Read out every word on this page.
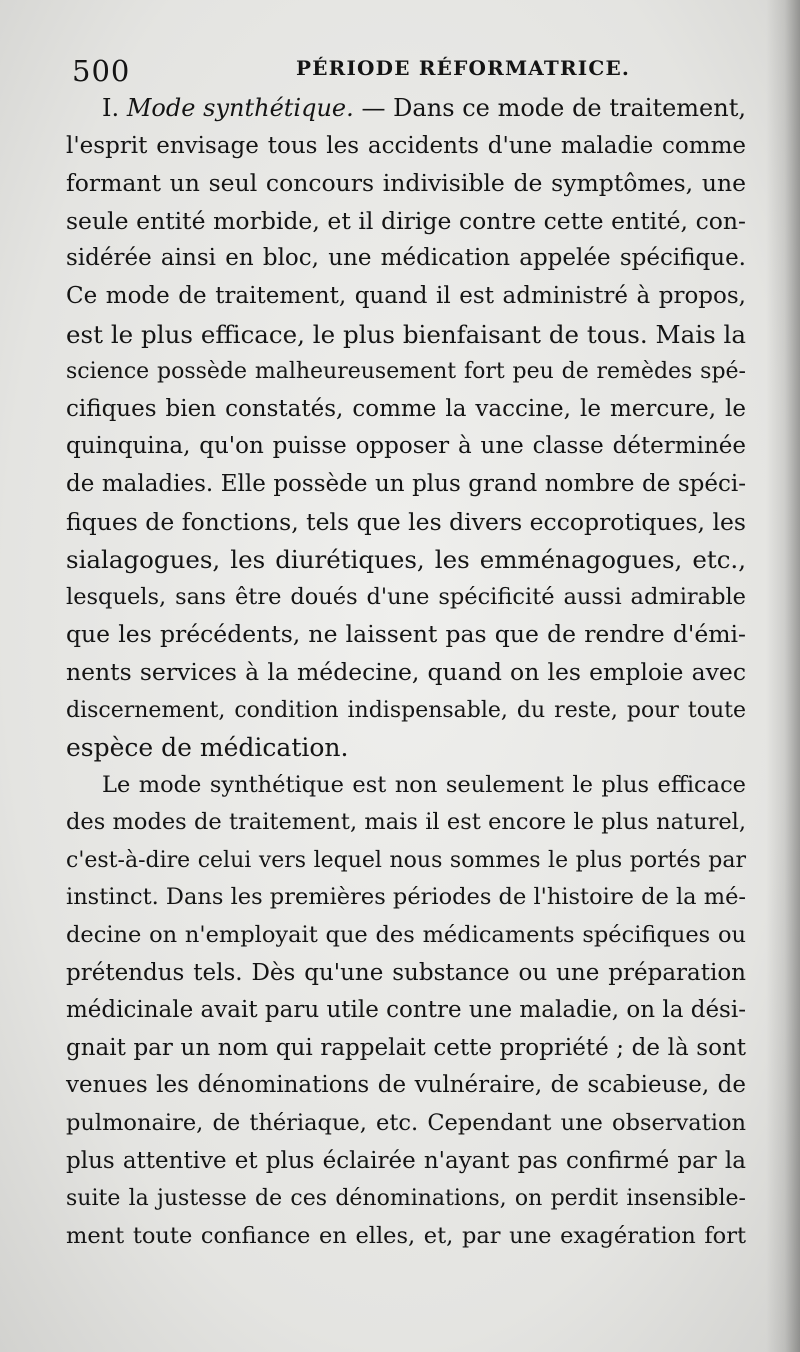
500	PÉRIODE RÉFORMATRICE.
I. Mode synthétique. — Dans ce mode de traitement,
l'esprit envisage tous les accidents d'une maladie comme
formant un seul concours indivisible de symptômes, une
seule entité morbide, et il dirige contre cette entité, con-
sidérée ainsi en bloc, une médication appelée spécifique.
Ce mode de traitement, quand il est administré à propos,
est le plus efficace, le plus bienfaisant de tous. Mais la
science possède malheureusement fort peu de remèdes spé-
cifiques bien constatés, comme la vaccine, le mercure, le
quinquina, qu'on puisse opposer à une classe déterminée
de maladies. Elle possède un plus grand nombre de spéci-
fiques de fonctions, tels que les divers eccoprotiques, les
sialagogues, les diurétiques, les emménagogues, etc.,
lesquels, sans être doués d'une spécificité aussi admirable
que les précédents, ne laissent pas que de rendre d'émi-
nents services à la médecine, quand on les emploie avec
discernement, condition indispensable, du reste, pour toute
espèce de médication.
Le mode synthétique est non seulement le plus efficace
des modes de traitement, mais il est encore le plus naturel,
c'est-à-dire celui vers lequel nous sommes le plus portés par
instinct. Dans les premières périodes de l'histoire de la mé-
decine on n'employait que des médicaments spécifiques ou
prétendus tels. Dès qu'une substance ou une préparation
médicinale avait paru utile contre une maladie, on la dési-
gnait par un nom qui rappelait cette propriété ; de là sont
venues les dénominations de vulnéraire, de scabieuse, de
pulmonaire, de thériaque, etc. Cependant une observation
plus attentive et plus éclairée n'ayant pas confirmé par la
suite la justesse de ces dénominations, on perdit insensible-
ment toute confiance en elles, et, par une exagération fort
